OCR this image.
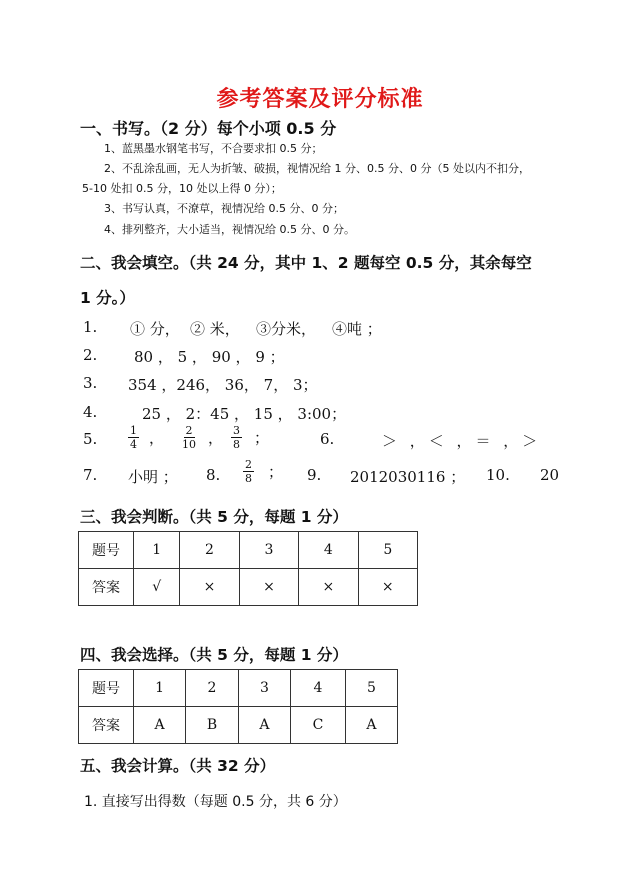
参考答案及评分标准
一、书写。（2 分）每个小项 0.5 分
1、蓝黑墨水钢笔书写，不合要求扣 0.5 分；
2、不乱涂乱画，无人为折皱、破损，视情况给 1 分、0.5 分、0 分（5 处以内不扣分，
5-10 处扣 0.5 分，10 处以上得 0 分）；
3、书写认真，不潦草，视情况给 0.5 分、0 分；
4、排列整齐，大小适当，视情况给 0.5 分、0 分。
二、我会填空。（共 24 分，其中 1、2 题每空 0.5 分，其余每空
1 分。）
1. ① 分， ② 米， ③分米， ④吨 ；
2. 80 ， 5 ， 90 ， 9 ；
3. 354 ，246， 36， 7， 3；
4.	25 ， 2：45 ， 15 ， 3:00；
5.	$\frac{1}{4}$ ， $\frac{2}{10}$ ， $\frac{3}{8}$ ；	6.	＞ ，＜ ，＝ ，＞
7. 小明 ； 8. $\frac{2}{8}$ ； 9. 2012030116 ； 10. 20
三、我会判断。（共 5 分，每题 1 分）
题号	1	2	3	4	5
答案	√	×	×	×	×
四、我会选择。（共 5 分，每题 1 分）
题号	1	2	3	4	5
答案	A	B	A	C	A
五、我会计算。（共 32 分）
1. 直接写出得数（每题 0.5 分，共 6 分）
